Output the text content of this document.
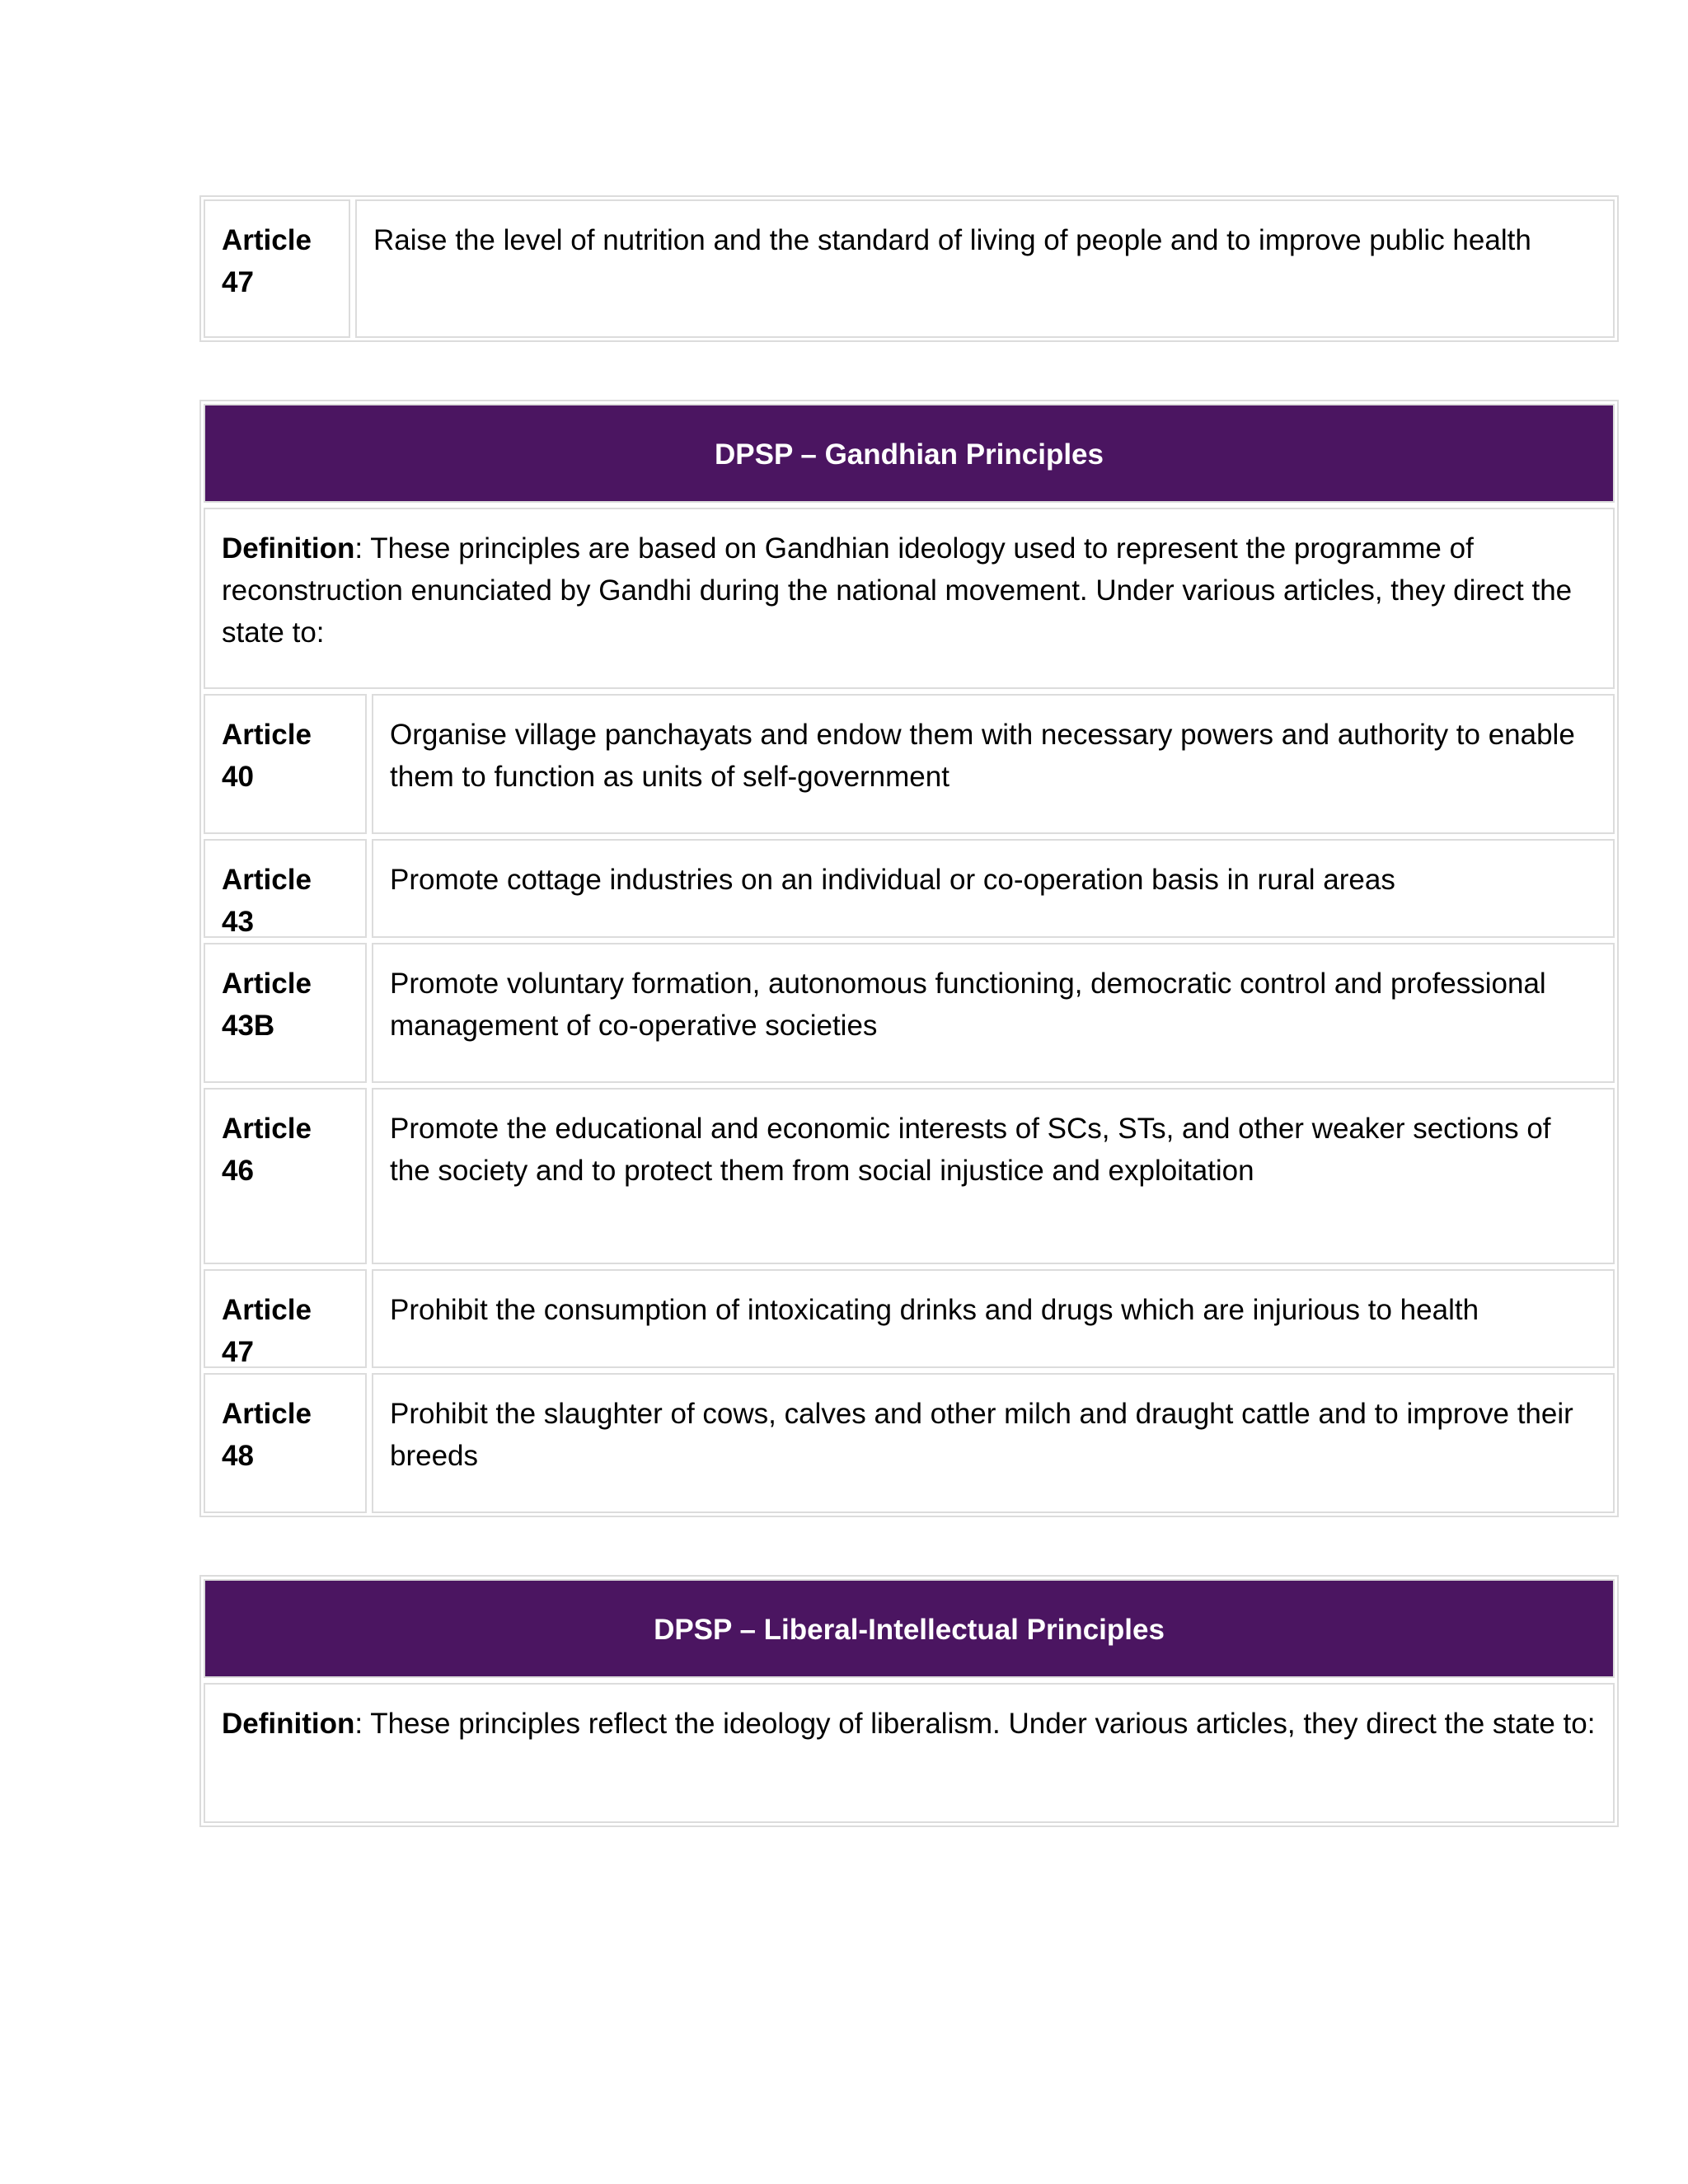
Article 47
Raise the level of nutrition and the standard of living of people and to improve public health
DPSP – Gandhian Principles
Definition: These principles are based on Gandhian ideology used to represent the programme of reconstruction enunciated by Gandhi during the national movement. Under various articles, they direct the state to:
Article 40
Organise village panchayats and endow them with necessary powers and authority to enable them to function as units of self-government
Article 43
Promote cottage industries on an individual or co-operation basis in rural areas
Article 43B
Promote voluntary formation, autonomous functioning, democratic control and professional management of co-operative societies
Article 46
Promote the educational and economic interests of SCs, STs, and other weaker sections of the society and to protect them from social injustice and exploitation
Article 47
Prohibit the consumption of intoxicating drinks and drugs which are injurious to health
Article 48
Prohibit the slaughter of cows, calves and other milch and draught cattle and to improve their breeds
DPSP – Liberal-Intellectual Principles
Definition: These principles reflect the ideology of liberalism. Under various articles, they direct the state to:
